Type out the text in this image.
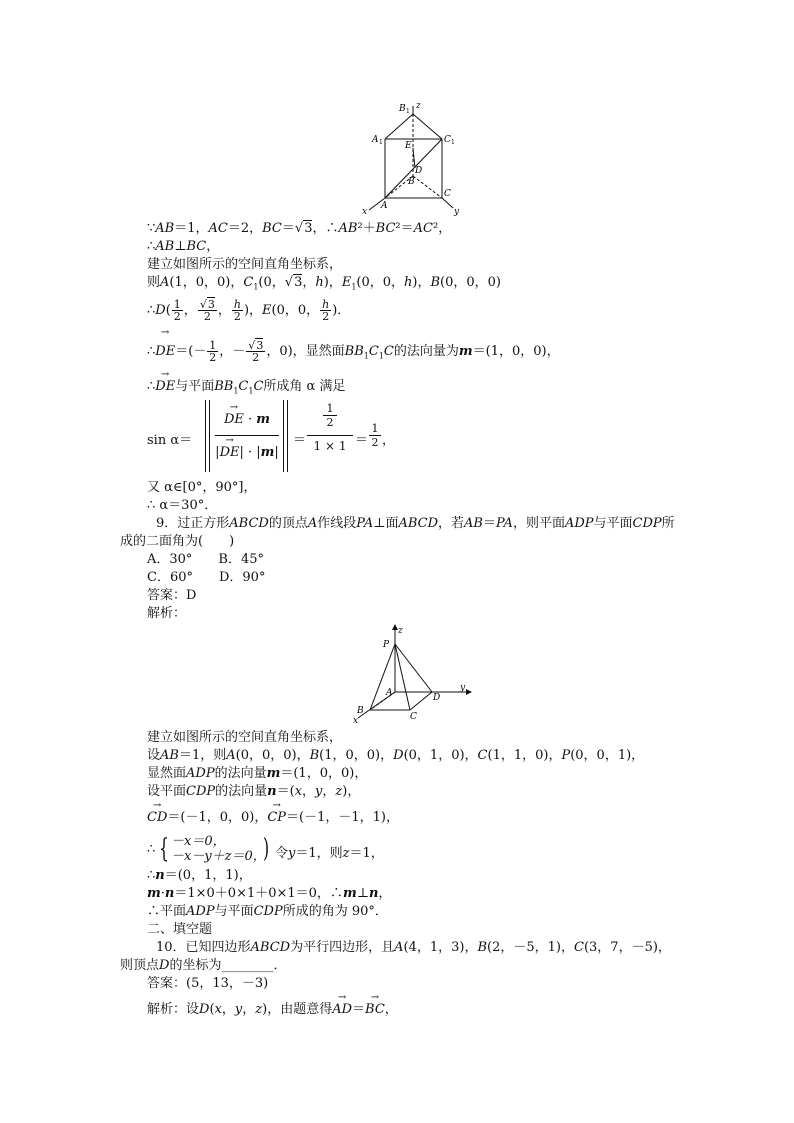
B 1
z
A 1	C 1
E
D
B
C
A
x	y
∵AB＝1，AC＝2，BC＝√3，∴AB²＋BC²＝AC²，
∴AB⊥BC，
建立如图所示的空间直角坐标系，
则A(1，0，0)，$C_1(0$，√3，h)，$E_1(0$，0，h)，B(0，0，0)
∴D( $\frac{1}{2}$ ， $\frac{√3}{2}$ ， $\frac{h}{2}$ )，E(0，0， $\frac{h}{2}$ )．
∴→ $DE=(- \frac{1}{2}$ ，－ $\frac{√3}{2}$ ，0)，显然面$BB_1C_1C$的法向量为m＝(1，0，0)，
∴→ DE与平面$BB_1C_1C$所成角 α 满足
sin α＝
→ DE · m
|→ DE| · |m|
＝
1
2
1 × 1 ＝
1
2 ，
又 α∈[0°，90°]，
∴ α＝30°．
9．过正方形ABCD的顶点A作线段PA⊥面ABCD，若AB＝PA，则平面ADP与平面CDP所
成的二面角为(　　)
A．30°　　B．45°
C．60°　　D．90°
答案：D
解析：
P
z
A	D
y
B
x	C
建立如图所示的空间直角坐标系，
设AB＝1，则A(0，0，0)，B(1，0，0)，D(0，1，0)，C(1，1，0)，P(0，0，1)，
显然面ADP的法向量m＝(1，0，0)，
设平面CDP的法向量n＝(x，y，z)，
→ CD＝(－1，0，0)，→ CP＝(－1，－1，1)，
∴ { －x＝0，
－x－y＋z＝0，
) 令y＝1，则z＝1，
∴n＝(0，1，1)，
m·n＝1×0＋0×1＋0×1＝0，∴m⊥n，
∴平面ADP与平面CDP所成的角为 90°．
二、填空题
10．已知四边形ABCD为平行四边形，且A(4，1，3)，B(2，－5，1)，C(3，7，－5)，
则顶点D的坐标为________．
答案：(5，13，－3)
解析：设D(x，y，z)，由题意得→ AD＝→ BC，
